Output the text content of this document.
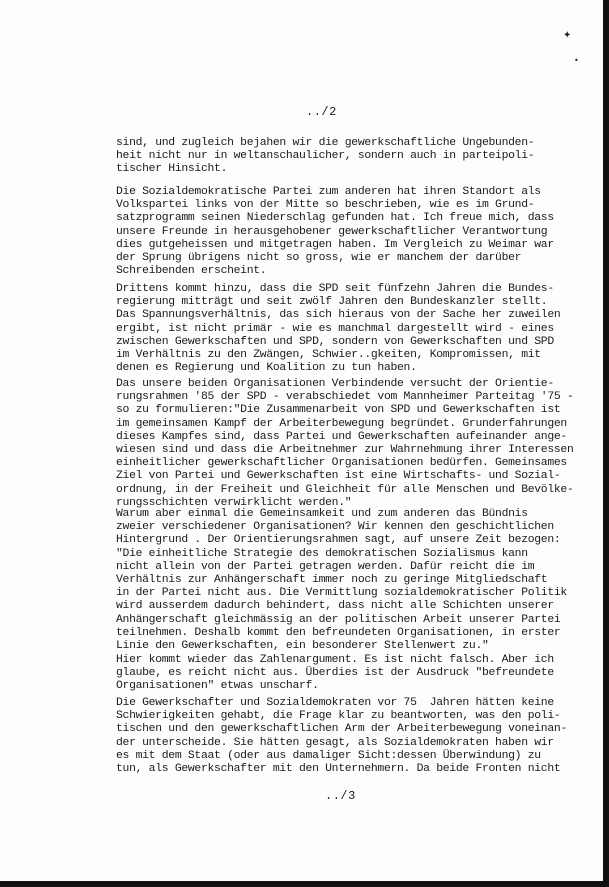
✦
•
../2
sind, und zugleich bejahen wir die gewerkschaftliche Ungebunden-
heit nicht nur in weltanschaulicher, sondern auch in parteipoli-
tischer Hinsicht.
Die Sozialdemokratische Partei zum anderen hat ihren Standort als
Volkspartei links von der Mitte so beschrieben, wie es im Grund-
satzprogramm seinen Niederschlag gefunden hat. Ich freue mich, dass
unsere Freunde in herausgehobener gewerkschaftlicher Verantwortung
dies gutgeheissen und mitgetragen haben. Im Vergleich zu Weimar war
der Sprung übrigens nicht so gross, wie er manchem der darüber
Schreibenden erscheint.
Drittens kommt hinzu, dass die SPD seit fünfzehn Jahren die Bundes-
regierung mitträgt und seit zwölf Jahren den Bundeskanzler stellt.
Das Spannungsverhältnis, das sich hieraus von der Sache her zuweilen
ergibt, ist nicht primär - wie es manchmal dargestellt wird - eines
zwischen Gewerkschaften und SPD, sondern von Gewerkschaften und SPD
im Verhältnis zu den Zwängen, Schwier..gkeiten, Kompromissen, mit
denen es Regierung und Koalition zu tun haben.
Das unsere beiden Organisationen Verbindende versucht der Orientie-
rungsrahmen '85 der SPD - verabschiedet vom Mannheimer Parteitag '75 -
so zu formulieren:"Die Zusammenarbeit von SPD und Gewerkschaften ist
im gemeinsamen Kampf der Arbeiterbewegung begründet. Grunderfahrungen
dieses Kampfes sind, dass Partei und Gewerkschaften aufeinander ange-
wiesen sind und dass die Arbeitnehmer zur Wahrnehmung ihrer Interessen
einheitlicher gewerkschaftlicher Organisationen bedürfen. Gemeinsames
Ziel von Partei und Gewerkschaften ist eine Wirtschafts- und Sozial-
ordnung, in der Freiheit und Gleichheit für alle Menschen und Bevölke-
rungsschichten verwirklicht werden."
Warum aber einmal die Gemeinsamkeit und zum anderen das Bündnis
zweier verschiedener Organisationen? Wir kennen den geschichtlichen
Hintergrund . Der Orientierungsrahmen sagt, auf unsere Zeit bezogen:
"Die einheitliche Strategie des demokratischen Sozialismus kann
nicht allein von der Partei getragen werden. Dafür reicht die im
Verhältnis zur Anhängerschaft immer noch zu geringe Mitgliedschaft
in der Partei nicht aus. Die Vermittlung sozialdemokratischer Politik
wird ausserdem dadurch behindert, dass nicht alle Schichten unserer
Anhängerschaft gleichmässig an der politischen Arbeit unserer Partei
teilnehmen. Deshalb kommt den befreundeten Organisationen, in erster
Linie den Gewerkschaften, ein besonderer Stellenwert zu."
Hier kommt wieder das Zahlenargument. Es ist nicht falsch. Aber ich
glaube, es reicht nicht aus. Überdies ist der Ausdruck "befreundete
Organisationen" etwas unscharf.
Die Gewerkschafter und Sozialdemokraten vor 75  Jahren hätten keine
Schwierigkeiten gehabt, die Frage klar zu beantworten, was den poli-
tischen und den gewerkschaftlichen Arm der Arbeiterbewegung voneinan-
der unterscheide. Sie hätten gesagt, als Sozialdemokraten haben wir
es mit dem Staat (oder aus damaliger Sicht:dessen Überwindung) zu
tun, als Gewerkschafter mit den Unternehmern. Da beide Fronten nicht
../3
